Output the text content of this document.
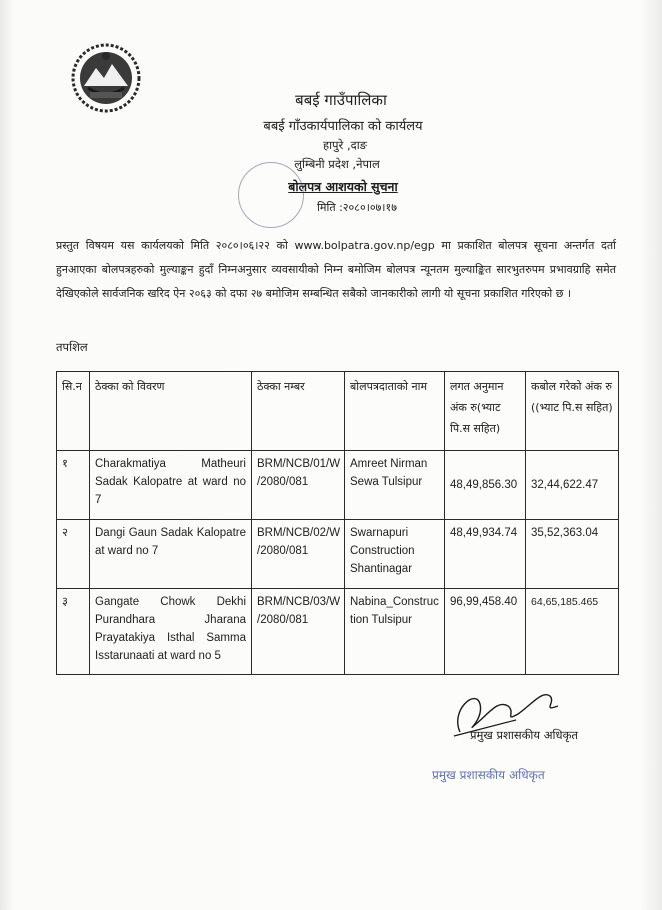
बबई गाउँपालिका
बबई गाँउकार्यपालिका को कार्यलय
हापुरे ,दाङ
लुम्बिनी प्रदेश ,नेपाल
बोलपत्र आशयको सुचना
मिति :२०८०।०७।१७
प्रस्तुत विषयम यस कार्यलयको मिति २०८०।०६।२२ को www.bolpatra.gov.np/egp मा प्रकाशित बोलपत्र सूचना अन्तर्गत दर्ता हुनआएका बोलपत्रहरुको मुल्याङ्कन हुदाँ निम्नअनुसार व्यवसायीको निम्न बमोजिम बोलपत्र न्यूनतम मुल्याङ्कित सारभुतरुपम प्रभावग्राहि समेत देखिएकोले सार्वजनिक खरिद ऐन २०६३ को दफा २७ बमोजिम सम्बन्धित सबैको जानकारीको लागी यो सूचना प्रकाशित गरिएको छ ।
तपशिल
सि.न	ठेक्का को विवरण	ठेक्का नम्बर	बोलपत्रदाताको नाम	लगत अनुमान अंक रु(भ्याट पि.स सहित)	कबोल गरेको अंक रु ((भ्याट पि.स सहित)
१	Charakmatiya Matheuri Sadak Kalopatre at ward no 7	BRM/NCB/01/W /2080/081	Amreet Nirman Sewa Tulsipur	48,49,856.30	32,44,622.47
२	Dangi Gaun Sadak Kalopatre at ward no 7	BRM/NCB/02/W /2080/081	Swarnapuri Construction Shantinagar	48,49,934.74	35,52,363.04
३	Gangate Chowk Dekhi Purandhara Jharana Prayatakiya Isthal Samma Isstarunaati at ward no 5	BRM/NCB/03/W /2080/081	Nabina_Construc tion Tulsipur	96,99,458.40	64,65,185.465
प्रमुख प्रशासकीय अधिकृत
प्रमुख प्रशासकीय अधिकृत
